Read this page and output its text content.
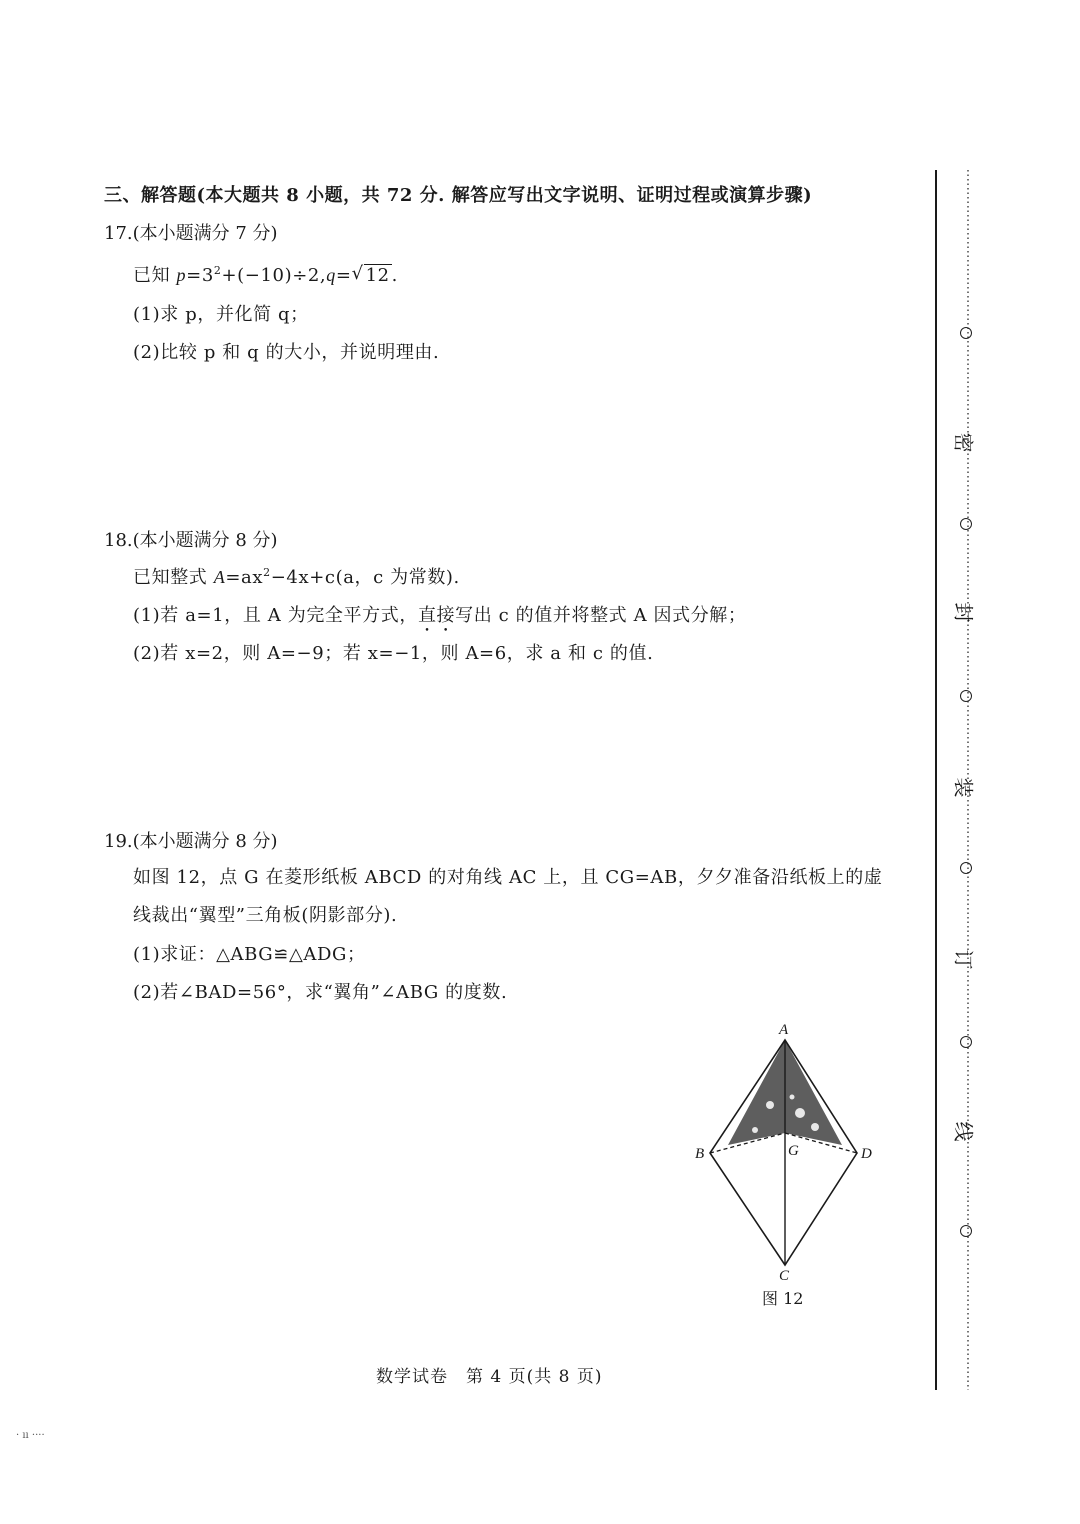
三、解答题(本大题共 8 小题，共 72 分. 解答应写出文字说明、证明过程或演算步骤)
17.(本小题满分 7 分)
已知 $p=3^2+(-10)\div 2,q=√$ 12 .
(1)求 p，并化简 q；
(2)比较 p 和 q 的大小，并说明理由.
18.(本小题满分 8 分)
已知整式 $A=ax^2-4x+c(a$，c 为常数).
(1)若 a=1，且 A 为完全平方式，直接写出 c 的值并将整式 A 因式分解；
(2)若 x=2，则 A=−9；若 x=−1，则 A=6，求 a 和 c 的值.
19.(本小题满分 8 分)
如图 12，点 G 在菱形纸板 ABCD 的对角线 AC 上，且 CG=AB，夕夕准备沿纸板上的虚
线裁出“翼型”三角板(阴影部分).
(1)求证：△ABG≌△ADG；
(2)若∠BAD=56°，求“翼角”∠ABG 的度数.
A
B
C
D
G
图 12
数学试卷　第 4 页(共 8 页)
密
封
装
订
线
· ıı ····
